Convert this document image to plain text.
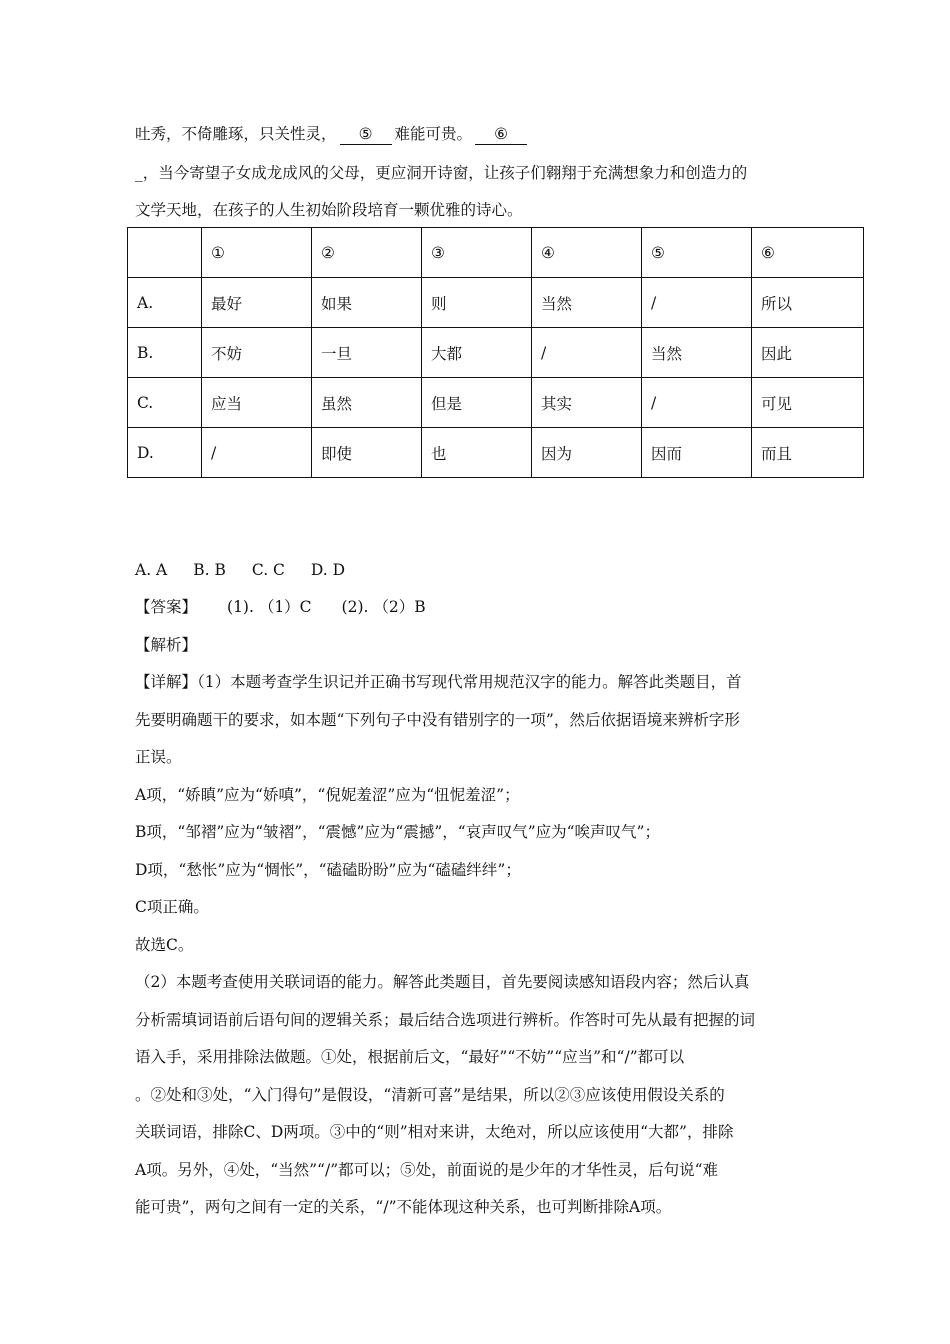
吐秀，不倚雕琢，只关性灵， ⑤ 难能可贵。 ⑥
_，当今寄望子女成龙成风的父母，更应洞开诗窗，让孩子们翱翔于充满想象力和创造力的
文学天地，在孩子的人生初始阶段培育一颗优雅的诗心。
	①	②	③	④	⑤	⑥
A.	最好	如果	则	当然	/	所以
B.	不妨	一旦	大都	/	当然	因此
C.	应当	虽然	但是	其实	/	可见
D.	/	即使	也	因为	因而	而且
A. A B. B C. C D. D
【答案】 (1). （1）C (2). （2）B
【解析】
【详解】（1）本题考查学生识记并正确书写现代常用规范汉字的能力。解答此类题目，首
先要明确题干的要求，如本题“下列句子中没有错别字的一项”，然后依据语境来辨析字形
正误。
A项，“娇瞋”应为“娇嗔”，“倪妮羞涩”应为“忸怩羞涩”；
B项，“邹褶”应为“皱褶”，“震憾”应为“震撼”，“哀声叹气”应为“唉声叹气”；
D项，“愁怅”应为“惆怅”，“磕磕盼盼”应为“磕磕绊绊”；
C项正确。
故选C。
（2）本题考查使用关联词语的能力。解答此类题目，首先要阅读感知语段内容；然后认真
分析需填词语前后语句间的逻辑关系；最后结合选项进行辨析。作答时可先从最有把握的词
语入手，采用排除法做题。①处，根据前后文，“最好”“不妨”“应当”和“/”都可以
。②处和③处，“入门得句”是假设，“清新可喜”是结果，所以②③应该使用假设关系的
关联词语，排除C、D两项。③中的“则”相对来讲，太绝对，所以应该使用“大都”，排除
A项。另外，④处，“当然”“/”都可以；⑤处，前面说的是少年的才华性灵，后句说“难
能可贵”，两句之间有一定的关系，“/”不能体现这种关系，也可判断排除A项。
